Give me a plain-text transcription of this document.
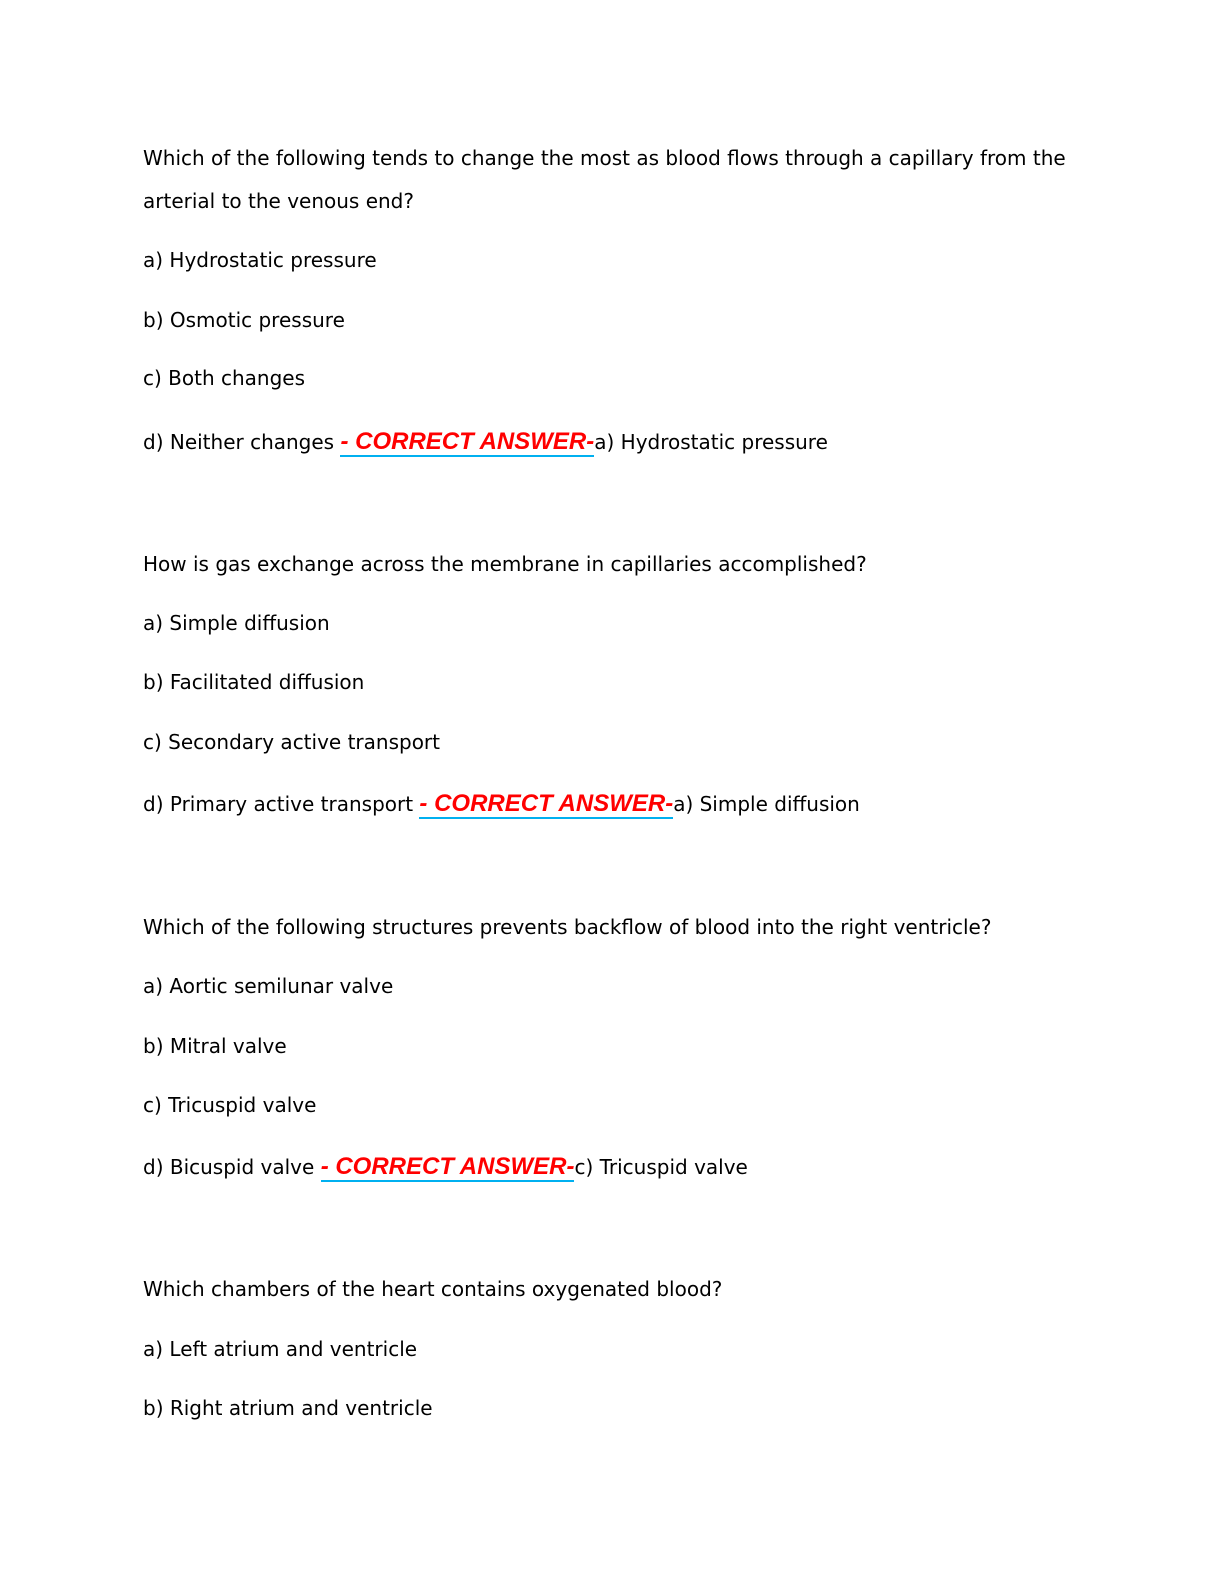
Which of the following tends to change the most as blood flows through a capillary from the
arterial to the venous end?
a) Hydrostatic pressure
b) Osmotic pressure
c) Both changes
d) Neither changes - CORRECT ANSWER-a) Hydrostatic pressure
How is gas exchange across the membrane in capillaries accomplished?
a) Simple diffusion
b) Facilitated diffusion
c) Secondary active transport
d) Primary active transport - CORRECT ANSWER-a) Simple diffusion
Which of the following structures prevents backflow of blood into the right ventricle?
a) Aortic semilunar valve
b) Mitral valve
c) Tricuspid valve
d) Bicuspid valve - CORRECT ANSWER-c) Tricuspid valve
Which chambers of the heart contains oxygenated blood?
a) Left atrium and ventricle
b) Right atrium and ventricle
